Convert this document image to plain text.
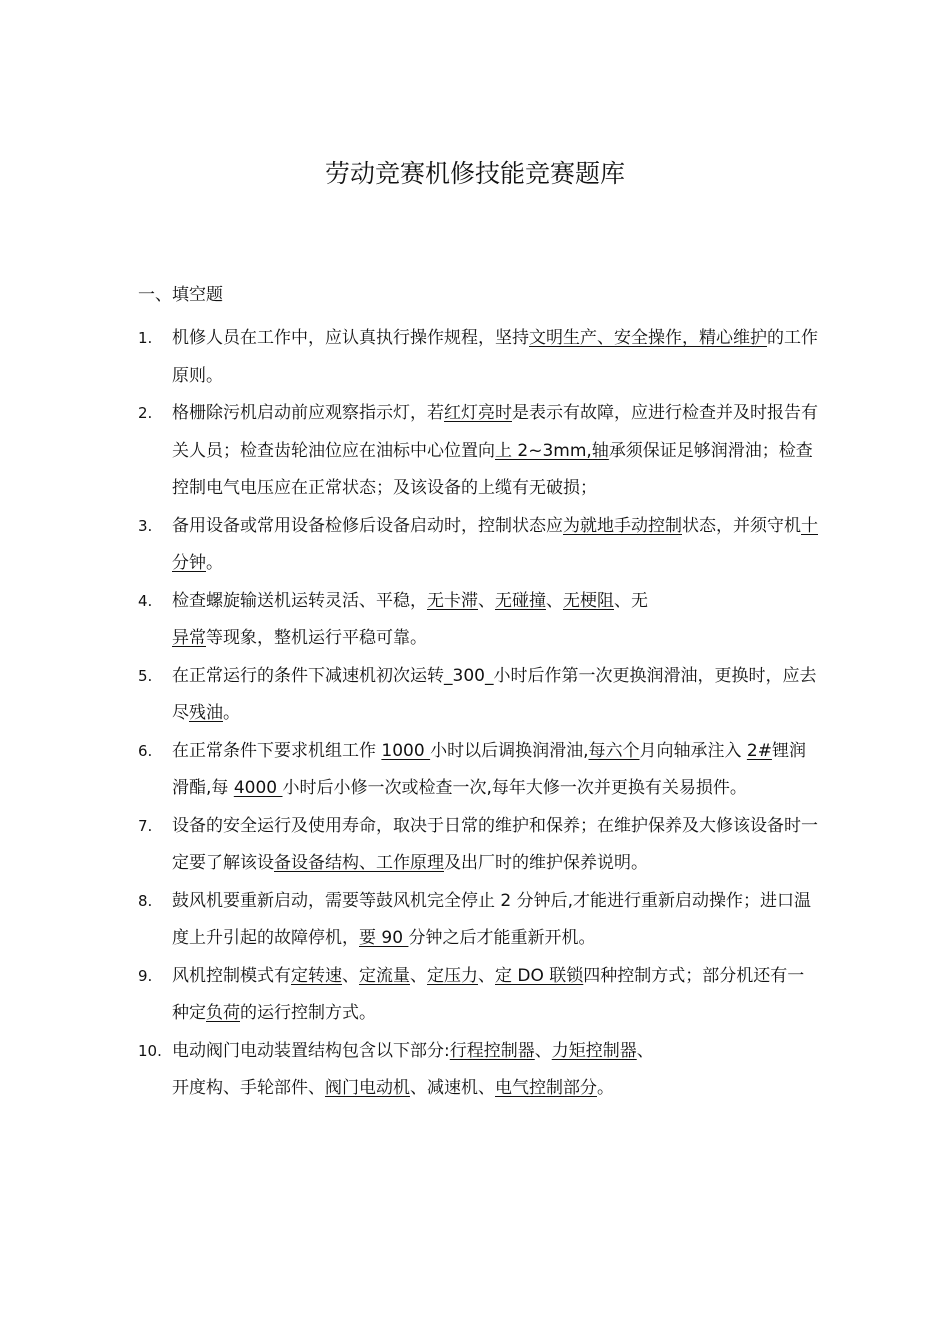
劳动竞赛机修技能竞赛题库

一、填空题

1. 机修人员在工作中，应认真执行操作规程，坚持文明生产、安全操作，精心维护的工作原则。
2. 格栅除污机启动前应观察指示灯，若红灯亮时是表示有故障，应进行检查并及时报告有关人员；检查齿轮油位应在油标中心位置向上 2~3mm,轴承须保证足够润滑油；检查控制电气电压应在正常状态；及该设备的上缆有无破损；
3. 备用设备或常用设备检修后设备启动时，控制状态应为就地手动控制状态，并须守机十分钟。
4. 检查螺旋输送机运转灵活、平稳，无卡滞、无碰撞、无梗阻、无
异常等现象，整机运行平稳可靠。
5. 在正常运行的条件下减速机初次运转_300_小时后作第一次更换润滑油，更换时，应去尽残油。
6. 在正常条件下要求机组工作 1000 小时以后调换润滑油,每六个月向轴承注入 2#锂润滑酯,每 4000 小时后小修一次或检查一次,每年大修一次并更换有关易损件。
7. 设备的安全运行及使用寿命，取决于日常的维护和保养；在维护保养及大修该设备时一定要了解该设备设备结构、工作原理及出厂时的维护保养说明。
8. 鼓风机要重新启动，需要等鼓风机完全停止 2 分钟后,才能进行重新启动操作；进口温度上升引起的故障停机，要 90 分钟之后才能重新开机。
9. 风机控制模式有定转速、定流量、定压力、定 DO 联锁四种控制方式；部分机还有一种定负荷的运行控制方式。
10. 电动阀门电动装置结构包含以下部分:行程控制器、力矩控制器、
开度构、手轮部件、阀门电动机、减速机、电气控制部分。
